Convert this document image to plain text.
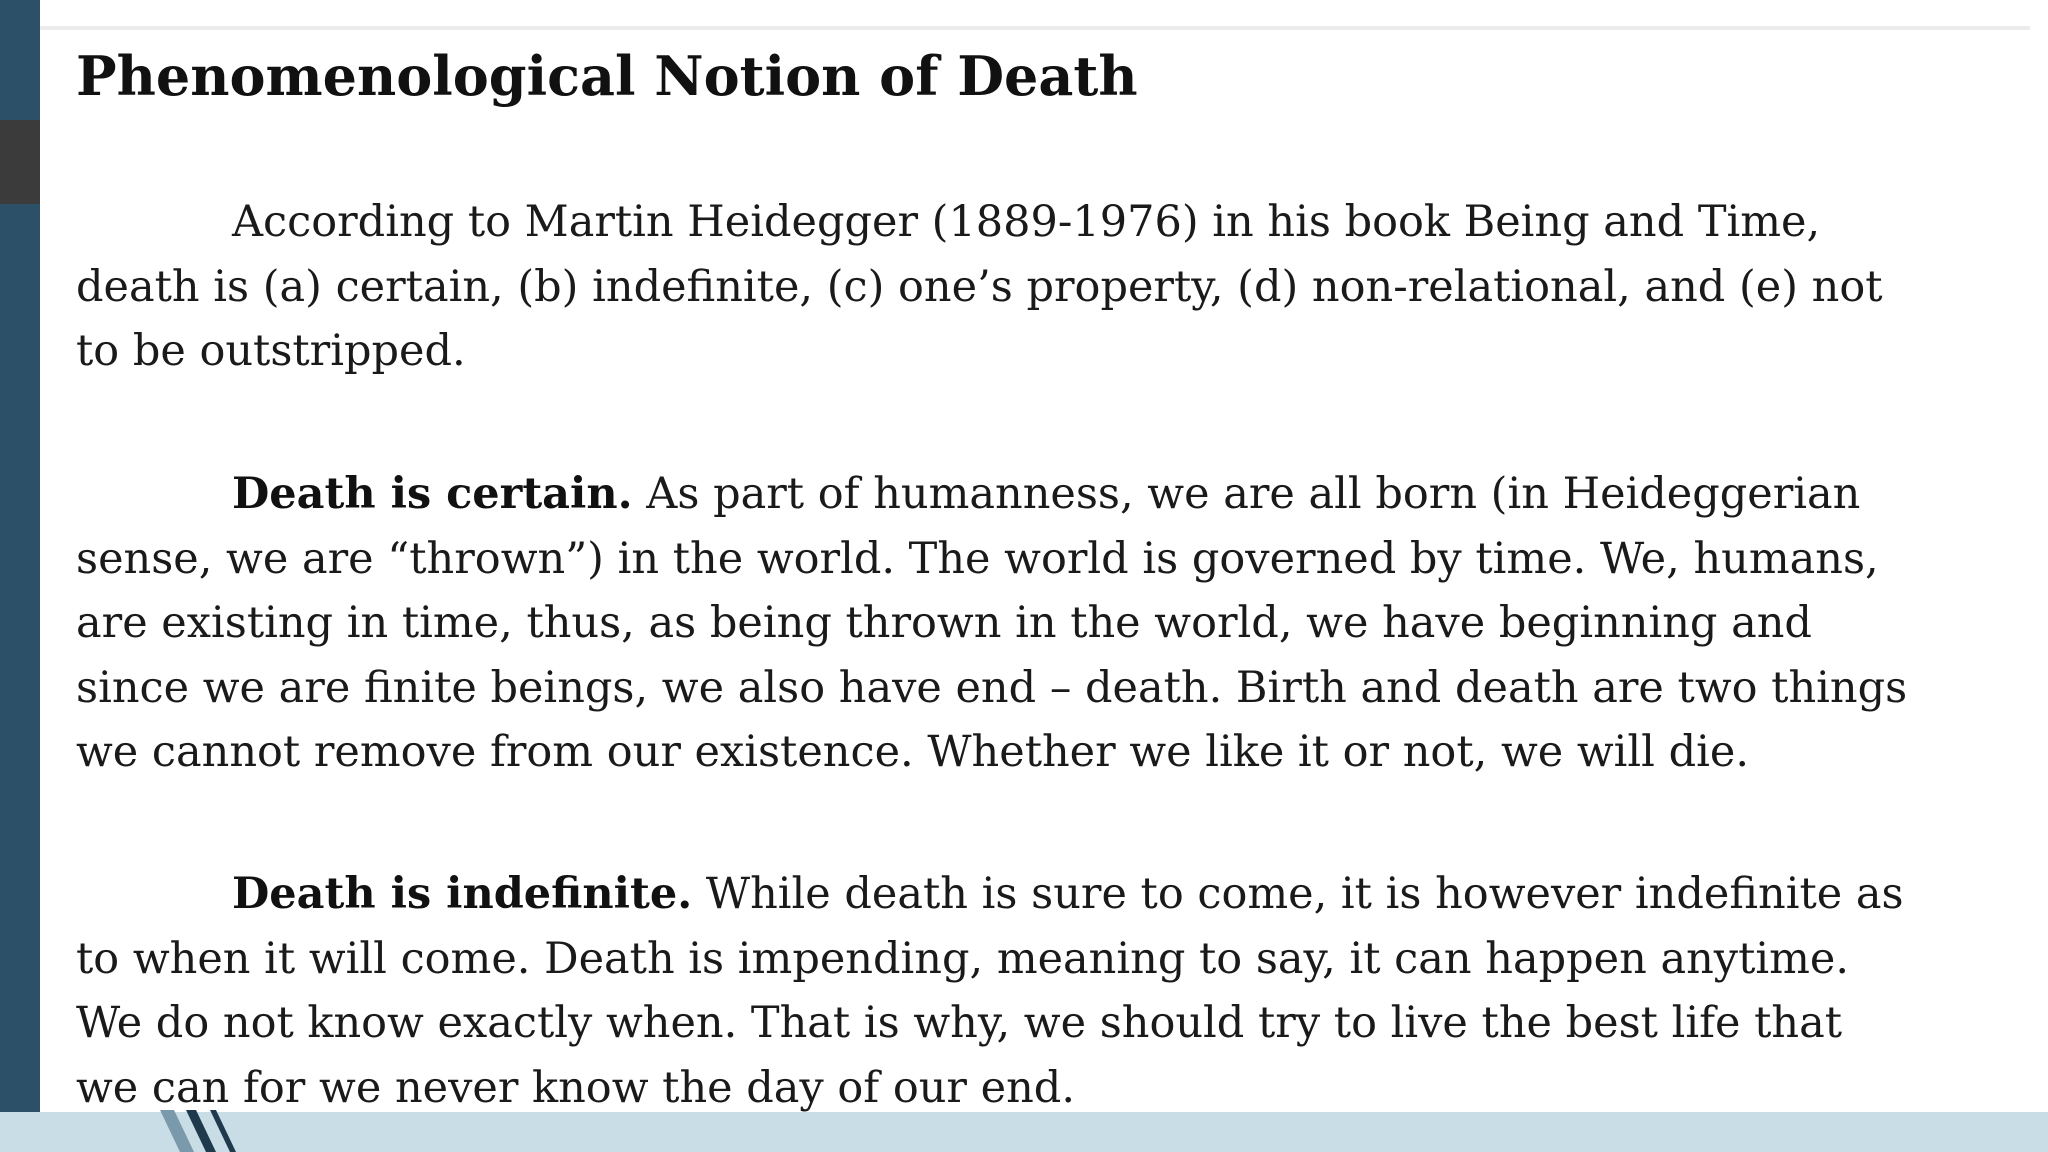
Phenomenological Notion of Death

According to Martin Heidegger (1889-1976) in his book Being and Time,
death is (a) certain, (b) indefinite, (c) one’s property, (d) non-relational, and (e) not
to be outstripped.

Death is certain. As part of humanness, we are all born (in Heideggerian
sense, we are “thrown”) in the world. The world is governed by time. We, humans,
are existing in time, thus, as being thrown in the world, we have beginning and
since we are finite beings, we also have end – death. Birth and death are two things
we cannot remove from our existence. Whether we like it or not, we will die.

Death is indefinite. While death is sure to come, it is however indefinite as
to when it will come. Death is impending, meaning to say, it can happen anytime.
We do not know exactly when. That is why, we should try to live the best life that
we can for we never know the day of our end.
